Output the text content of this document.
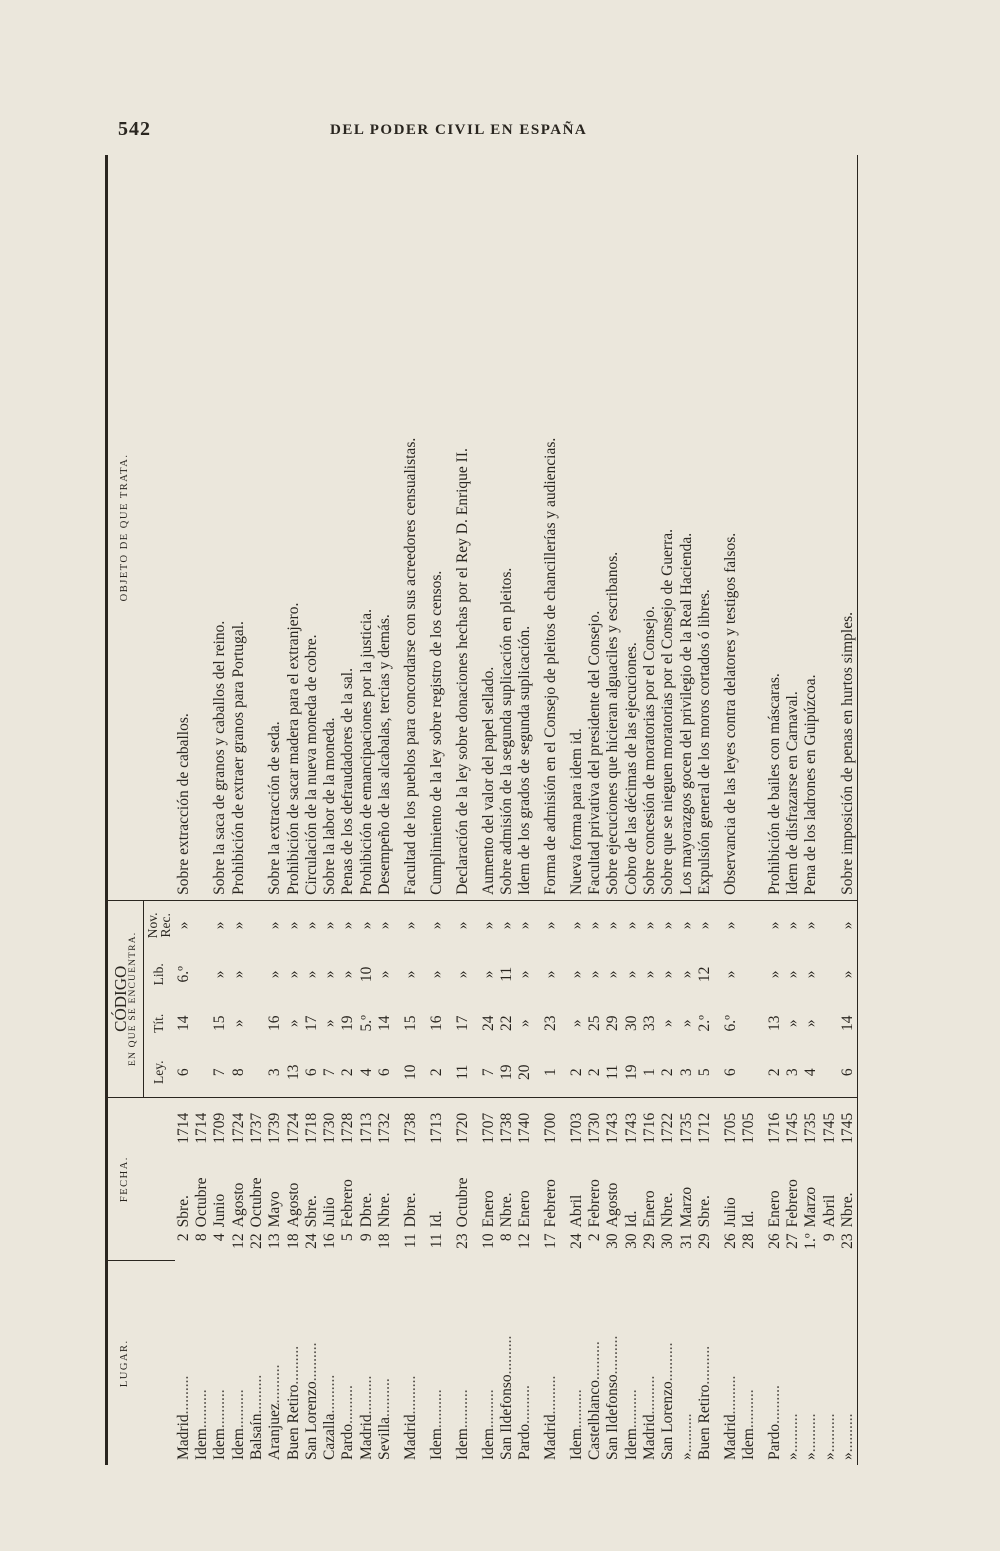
542	DEL PODER CIVIL EN ESPAÑA
LUGAR.	FECHA.			CÓDIGO				OBJETO DE QUE TRATA.
				EN QUE SE ENCUENTRA.				
				Ley.	Tít.	Lib.	Nov. Rec.	
Madrid..........	2	Sbre.	1714	6	14	6.º	»	Sobre extracción de caballos.
Idem..........	8	Octubre	1714					
Idem..........	4	Junio	1709	7	15	»	»	Sobre la saca de granos y caballos del reino.
Idem..........	12	Agosto	1724	8	»	»	»	Prohibición de extraer granos para Portugal.
Balsaín..........	22	Octubre	1737					
Aranjuez..........	13	Mayo	1739	3	16	»	»	Sobre la extracción de seda.
Buen Retiro..........	18	Agosto	1724	13	»	»	»	Prohibición de sacar madera para el extranjero.
San Lorenzo..........	24	Sbre.	1718	6	17	»	»	Circulación de la nueva moneda de cobre.
Cazalla..........	16	Julio	1730	7	»	»	»	Sobre la labor de la moneda.
Pardo..........	5	Febrero	1728	2	19	»	»	Penas de los defraudadores de la sal.
Madrid..........	9	Dbre.	1713	4	5.º	10	»	Prohibición de emancipaciones por la justicia.
Sevilla..........	18	Nbre.	1732	6	14	»	»	Desempeño de las alcabalas, tercias y demás.
Madrid..........	11	Dbre.	1738	10	15	»	»	Facultad de los pueblos para concordarse con sus acreedores censualistas.
Idem..........	11	Id.	1713	2	16	»	»	Cumplimiento de la ley sobre registro de los censos.
Idem..........	23	Octubre	1720	11	17	»	»	Declaración de la ley sobre donaciones hechas por el Rey D. Enrique II.
Idem..........	10	Enero	1707	7	24	»	»	Aumento del valor del papel sellado.
San Ildefonso..........	8	Nbre.	1738	19	22	11	»	Sobre admisión de la segunda suplicación en pleitos.
Pardo..........	12	Enero	1740	20	»	»	»	Idem de los grados de segunda suplicación.
Madrid..........	17	Febrero	1700	1	23	»	»	Forma de admisión en el Consejo de pleitos de chancillerías y audiencias.
Idem..........	24	Abril	1703	2	»	»	»	Nueva forma para idem id.
Castelblanco..........	2	Febrero	1730	2	25	»	»	Facultad privativa del presidente del Consejo.
San Ildefonso..........	30	Agosto	1743	11	29	»	»	Sobre ejecuciones que hicieran alguaciles y escribanos.
Idem..........	30	Id.	1743	19	30	»	»	Cobro de las décimas de las ejecuciones.
Madrid..........	29	Enero	1716	1	33	»	»	Sobre concesión de moratorias por el Consejo.
San Lorenzo..........	30	Nbre.	1722	2	»	»	»	Sobre que se nieguen moratorias por el Consejo de Guerra.
»..........	31	Marzo	1735	3	»	»	»	Los mayorazgos gocen del privilegio de la Real Hacienda.
Buen Retiro..........	29	Sbre.	1712	5	2.º	12	»	Expulsión general de los moros cortados ó libres.
Madrid..........	26	Julio	1705	6	6.º	»	»	Observancia de las leyes contra delatores y testigos falsos.
Idem..........	28	Id.	1705					
Pardo..........	26	Enero	1716	2	13	»	»	Prohibición de bailes con máscaras.
»..........	27	Febrero	1745	3	»	»	»	Idem de disfrazarse en Carnaval.
»..........	1.º	Marzo	1735	4	»	»	»	Pena de los ladrones en Guipúzcoa.
»..........	9	Abril	1745					
»..........	23	Nbre.	1745	6	14	»	»	Sobre imposición de penas en hurtos simples.
